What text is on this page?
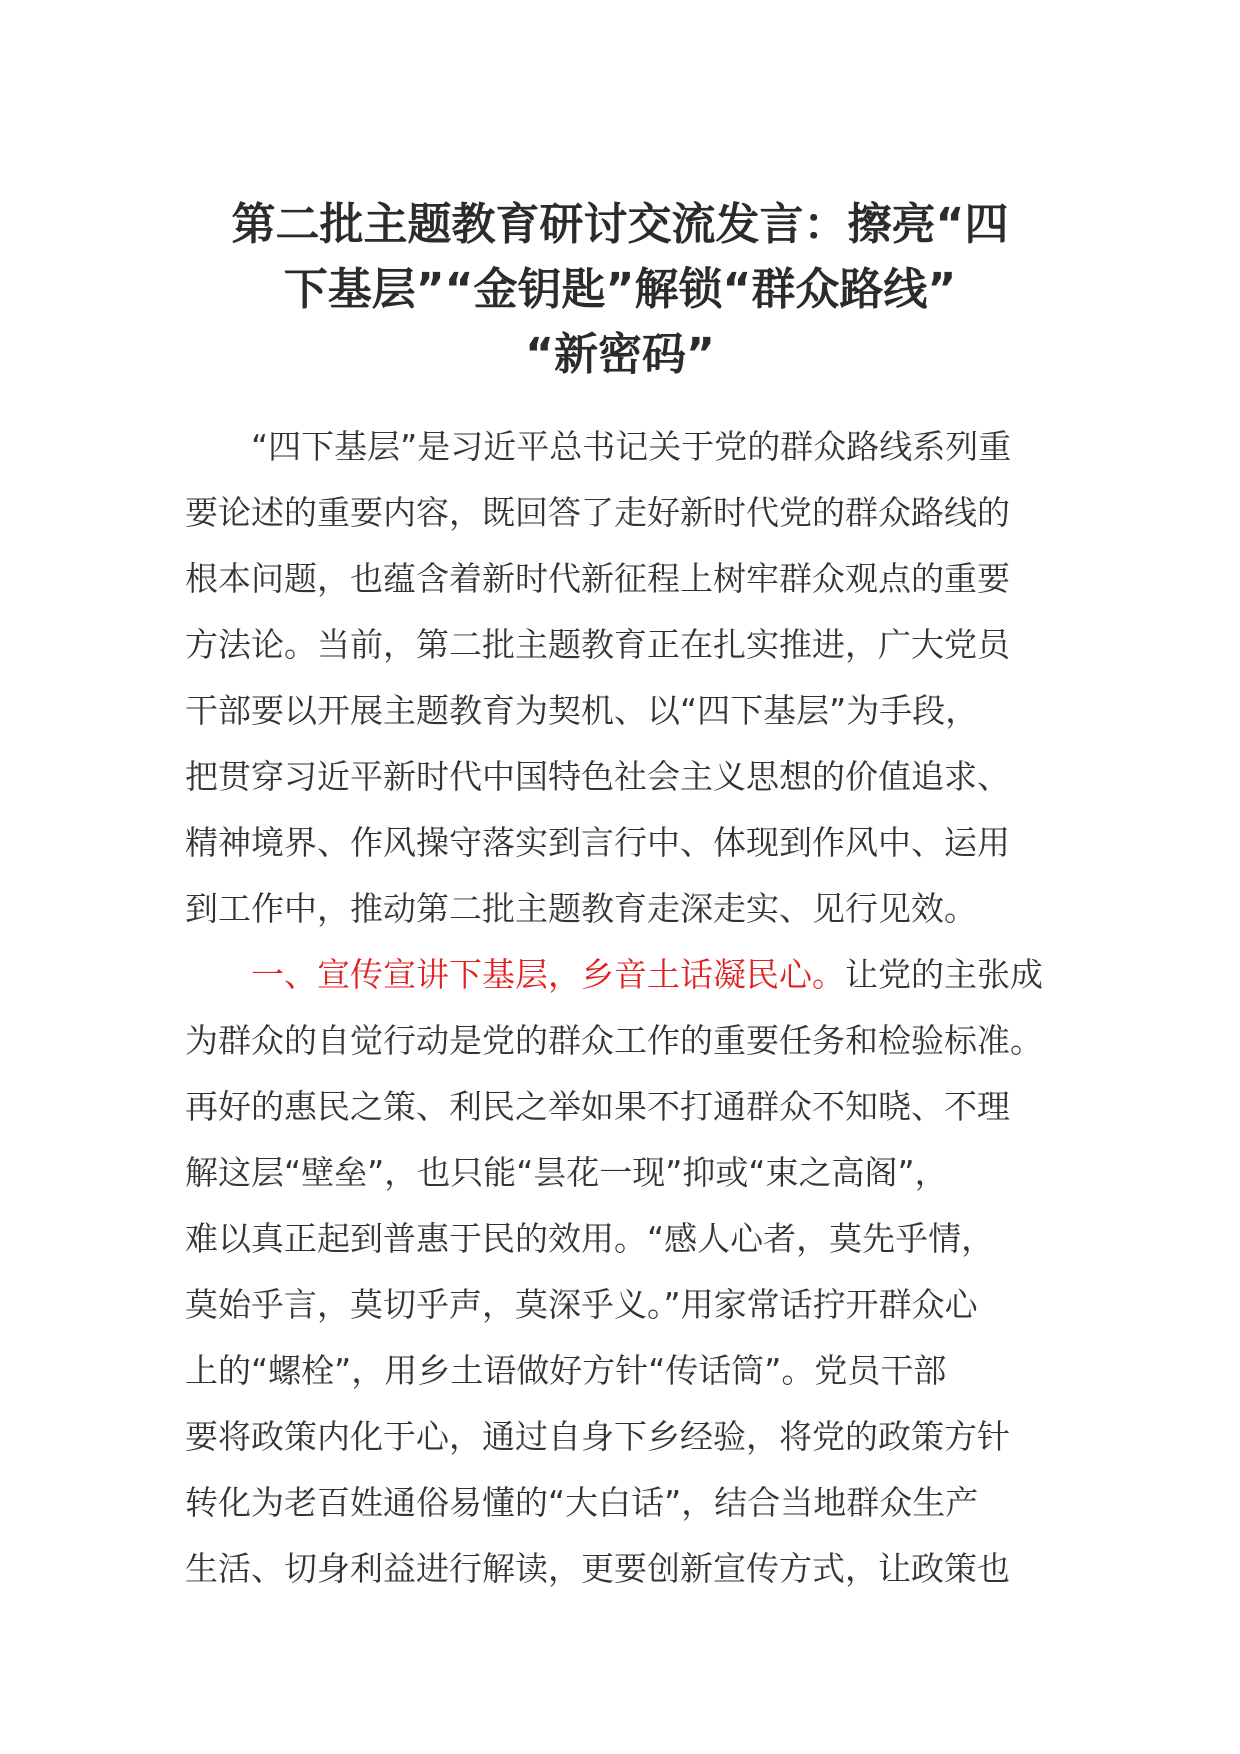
第二批主题教育研讨交流发言：擦亮“四
下基层”“金钥匙”解锁“群众路线”
“新密码”

“四下基层”是习近平总书记关于党的群众路线系列重
要论述的重要内容，既回答了走好新时代党的群众路线的
根本问题，也蕴含着新时代新征程上树牢群众观点的重要
方法论。当前，第二批主题教育正在扎实推进，广大党员
干部要以开展主题教育为契机、以“四下基层”为手段，
把贯穿习近平新时代中国特色社会主义思想的价值追求、
精神境界、作风操守落实到言行中、体现到作风中、运用
到工作中，推动第二批主题教育走深走实、见行见效。

一、宣传宣讲下基层，乡音土话凝民心。让党的主张成
为群众的自觉行动是党的群众工作的重要任务和检验标准。
再好的惠民之策、利民之举如果不打通群众不知晓、不理
解这层“壁垒”，也只能“昙花一现”抑或“束之高阁”，
难以真正起到普惠于民的效用。“感人心者，莫先乎情，
莫始乎言，莫切乎声，莫深乎义。”用家常话拧开群众心
上的“螺栓”，用乡土语做好方针“传话筒”。党员干部
要将政策内化于心，通过自身下乡经验，将党的政策方针
转化为老百姓通俗易懂的“大白话”，结合当地群众生产
生活、切身利益进行解读，更要创新宣传方式，让政策也
